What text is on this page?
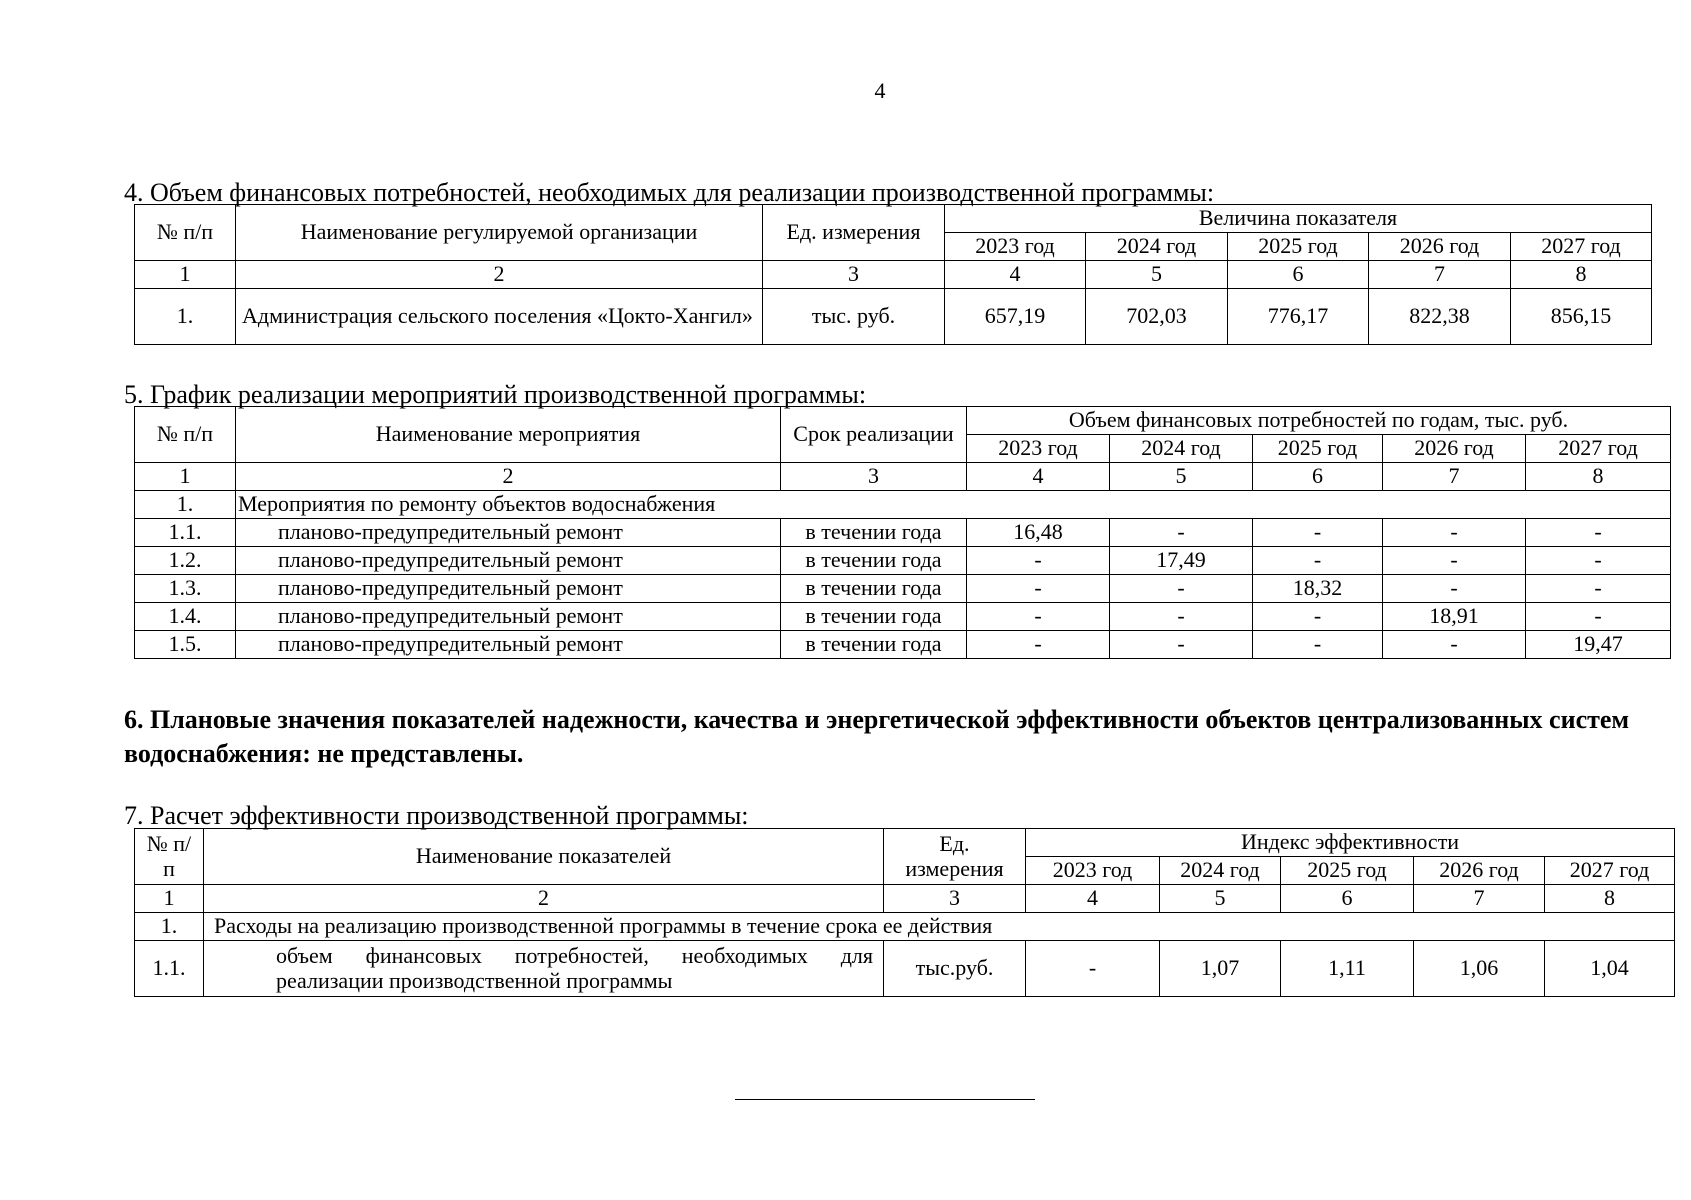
4
4. Объем финансовых потребностей, необходимых для реализации производственной программы:
№ п/п	Наименование регулируемой организации	Ед. измерения	Величина показателя				
			2023 год	2024 год	2025 год	2026 год	2027 год
1	2	3	4	5	6	7	8
1.	Администрация сельского поселения «Цокто-Хангил»	тыс. руб.	657,19	702,03	776,17	822,38	856,15
5. График реализации мероприятий производственной программы:
№ п/п	Наименование мероприятия	Срок реализации	Объем финансовых потребностей по годам, тыс. руб.				
			2023 год	2024 год	2025 год	2026 год	2027 год
1	2	3	4	5	6	7	8
1.	Мероприятия по ремонту объектов водоснабжения						
1.1.	планово-предупредительный ремонт	в течении года	16,48	-	-	-	-
1.2.	планово-предупредительный ремонт	в течении года	-	17,49	-	-	-
1.3.	планово-предупредительный ремонт	в течении года	-	-	18,32	-	-
1.4.	планово-предупредительный ремонт	в течении года	-	-	-	18,91	-
1.5.	планово-предупредительный ремонт	в течении года	-	-	-	-	19,47
6. Плановые значения показателей надежности, качества и энергетической эффективности объектов централизованных систем водоснабжения: не представлены.
7. Расчет эффективности производственной программы:
№ п/п	Наименование показателей	Ед. измерения	Индекс эффективности				
			2023 год	2024 год	2025 год	2026 год	2027 год
1	2	3	4	5	6	7	8
1.	Расходы на реализацию производственной программы в течение срока ее действия						
1.1.	объем финансовых потребностей, необходимых для реализации производственной программы	тыс.руб.	-	1,07	1,11	1,06	1,04
